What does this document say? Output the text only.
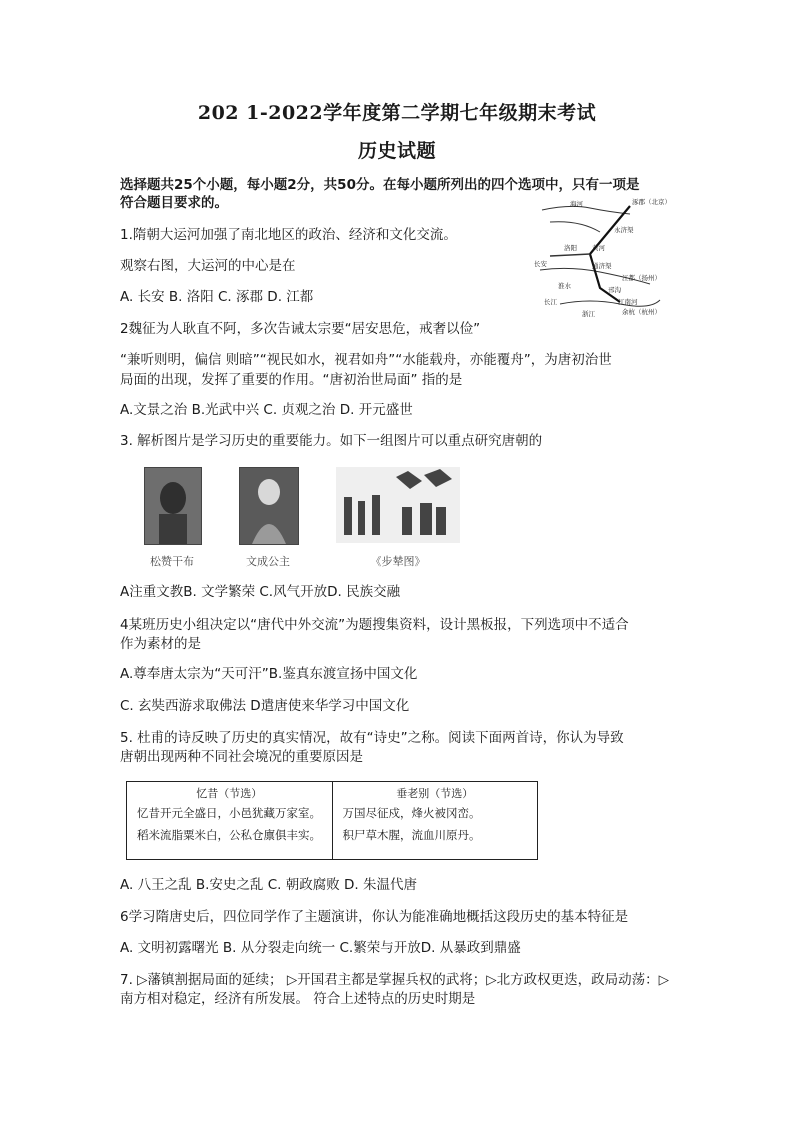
202 1-2022学年度第二学期七年级期末考试
历史试题
选择题共25个小题，每小题2分，共50分。在每小题所列出的四个选项中，只有一项是
符合题目要求的。	涿郡（北京）
永济渠
洛阳
通济渠
邗沟
江都（扬州）
江南河
余杭（杭州）
长安
淮水
长江
浙江
海河
黄河
1.隋朝大运河加强了南北地区的政治、经济和文化交流。
观察右图，大运河的中心是在
A. 长安 B. 洛阳 C. 涿郡 D. 江都
2魏征为人耿直不阿，多次告诫太宗要“居安思危，戒奢以俭”
“兼听则明，偏信 则暗”“视民如水，视君如舟”“水能载舟，亦能覆舟”，为唐初治世
局面的出现，发挥了重要的作用。“唐初治世局面” 指的是
A.文景之治 B.光武中兴 C. 贞观之治 D. 开元盛世
3. 解析图片是学习历史的重要能力。如下一组图片可以重点研究唐朝的
松赞干布	文成公主	《步辇图》
A注重文教B. 文学繁荣 C.风气开放D. 民族交融
4某班历史小组决定以“唐代中外交流”为题搜集资料，设计黑板报，下列选项中不适合
作为素材的是
A.尊奉唐太宗为“天可汗”B.鉴真东渡宣扬中国文化
C. 玄奘西游求取佛法 D遣唐使来华学习中国文化
5. 杜甫的诗反映了历史的真实情况，故有“诗史”之称。阅读下面两首诗，你认为导致
唐朝出现两种不同社会境况的重要原因是
忆昔（节选）
忆昔开元全盛日，小邑犹藏万家室。
稻米流脂粟米白，公私仓廪俱丰实。

垂老别（节选）
万国尽征戍，烽火被冈峦。
积尸草木腥，流血川原丹。
A. 八王之乱 B.安史之乱 C. 朝政腐败 D. 朱温代唐
6学习隋唐史后，四位同学作了主题演讲，你认为能准确地概括这段历史的基本特征是
A. 文明初露曙光 B. 从分裂走向统一 C.繁荣与开放D. 从暴政到鼎盛
7. ▷藩镇割据局面的延续； ▷开国君主都是掌握兵权的武将；▷北方政权更迭，政局动荡：▷
南方相对稳定，经济有所发展。 符合上述特点的历史时期是
